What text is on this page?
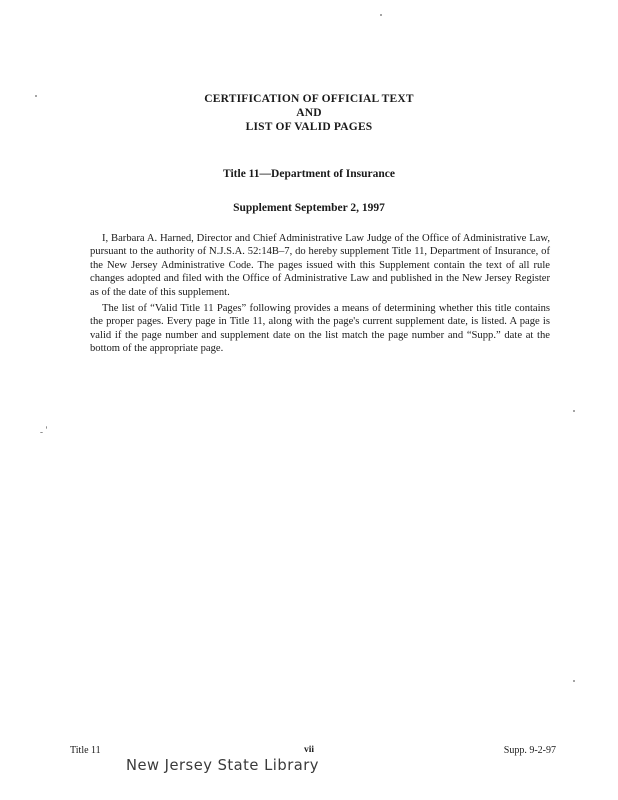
CERTIFICATION OF OFFICIAL TEXT
AND
LIST OF VALID PAGES
Title 11—Department of Insurance
Supplement September 2, 1997

I, Barbara A. Harned, Director and Chief Administrative Law Judge of the Office of Administrative Law, pursuant to the authority of N.J.S.A. 52:14B–7, do hereby supplement Title 11, Department of Insurance, of the New Jersey Administrative Code. The pages issued with this Supplement contain the text of all rule changes adopted and filed with the Office of Administrative Law and published in the New Jersey Register as of the date of this supplement.

The list of “Valid Title 11 Pages” following provides a means of determining whether this title contains the proper pages. Every page in Title 11, along with the page's current supplement date, is listed. A page is valid if the page number and supplement date on the list match the page number and “Supp.” date at the bottom of the appropriate page.

Title 11	vii	Supp. 9-2-97
New Jersey State Library
